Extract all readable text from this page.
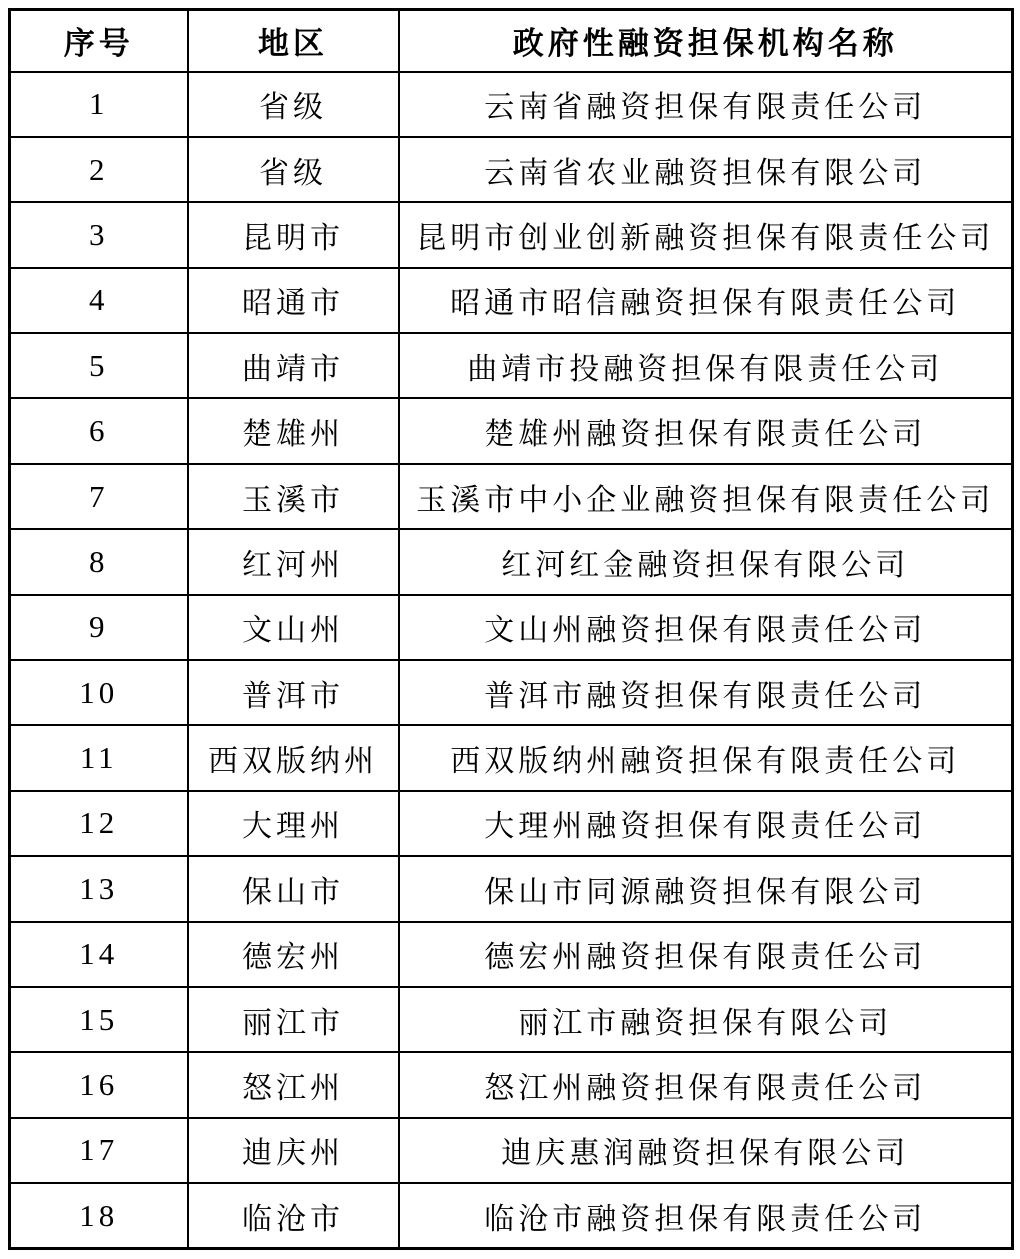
序号	地区	政府性融资担保机构名称
1	省级	云南省融资担保有限责任公司
2	省级	云南省农业融资担保有限公司
3	昆明市	昆明市创业创新融资担保有限责任公司
4	昭通市	昭通市昭信融资担保有限责任公司
5	曲靖市	曲靖市投融资担保有限责任公司
6	楚雄州	楚雄州融资担保有限责任公司
7	玉溪市	玉溪市中小企业融资担保有限责任公司
8	红河州	红河红金融资担保有限公司
9	文山州	文山州融资担保有限责任公司
10	普洱市	普洱市融资担保有限责任公司
11	西双版纳州	西双版纳州融资担保有限责任公司
12	大理州	大理州融资担保有限责任公司
13	保山市	保山市同源融资担保有限公司
14	德宏州	德宏州融资担保有限责任公司
15	丽江市	丽江市融资担保有限公司
16	怒江州	怒江州融资担保有限责任公司
17	迪庆州	迪庆惠润融资担保有限公司
18	临沧市	临沧市融资担保有限责任公司
